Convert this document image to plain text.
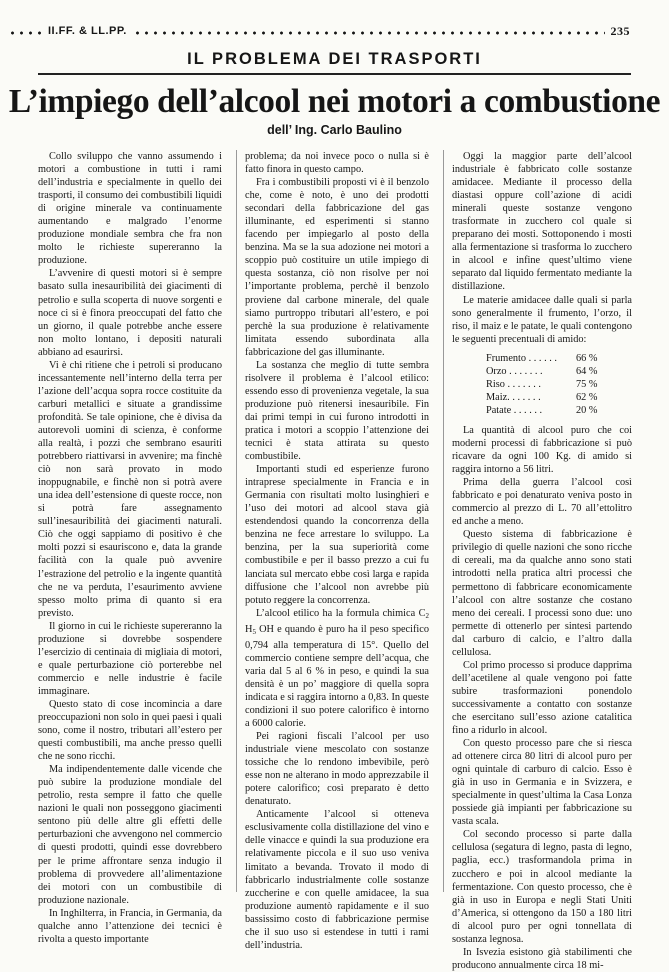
II.FF. & LL.PP.	235
IL PROBLEMA DEI TRASPORTI
L’impiego dell’alcool nei motori a combustione
dell’ Ing. Carlo Baulino

Collo sviluppo che vanno assumendo i motori a combustione in tutti i rami dell’industria e specialmente in quello dei trasporti, il consumo dei combustibili liquidi di origine minerale va continuamente aumentando e malgrado l’enorme produzione mondiale sembra che fra non molto le richieste supereranno la produzione.

L’avvenire di questi motori si è sempre basato sulla inesauribilità dei giacimenti di petrolio e sulla scoperta di nuove sorgenti e noce ci si è finora preoccupati del fatto che un giorno, il quale potrebbe anche essere non molto lontano, i depositi naturali abbiano ad esaurirsi.

Vi è chi ritiene che i petroli si producano incessantemente nell’interno della terra per l’azione dell’acqua sopra rocce costituite da carburi metallici e situate a grandissime profondità. Se tale opinione, che è divisa da autorevoli uomini di scienza, è conforme alla realtà, i pozzi che sembrano esauriti potrebbero riattivarsi in avvenire; ma finchè ciò non sarà provato in modo inoppugnabile, e finchè non si potrà avere una idea dell’estensione di queste rocce, non si potrà fare assegnamento sull’inesauribilità dei giacimenti naturali. Ciò che oggi sappiamo di positivo è che molti pozzi si esauriscono e, data la grande facilità con la quale può avvenire l’estrazione del petrolio e la ingente quantità che ne va perduta, l’esaurimento avviene spesso molto prima di quanto si era previsto.

Il giorno in cui le richieste supereranno la produzione si dovrebbe sospendere l’esercizio di centinaia di migliaia di motori, e quale perturbazione ciò porterebbe nel commercio e nelle industrie è facile immaginare.

Questo stato di cose incomincia a dare preoccupazioni non solo in quei paesi i quali sono, come il nostro, tributari all’estero per questi combustibili, ma anche presso quelli che ne sono ricchi.

Ma indipendentemente dalle vicende che può subire la produzione mondiale del petrolio, resta sempre il fatto che quelle nazioni le quali non posseggono giacimenti sentono più delle altre gli effetti delle perturbazioni che avvengono nel commercio di questi prodotti, quindi esse dovrebbero per le prime affrontare senza indugio il problema di provvedere all’alimentazione dei motori con un combustibile di produzione nazionale.

In Inghilterra, in Francia, in Germania, da qualche anno l’attenzione dei tecnici è rivolta a questo importante

problema; da noi invece poco o nulla si è fatto finora in questo campo.

Fra i combustibili proposti vi è il benzolo che, come è noto, è uno dei prodotti secondari della fabbricazione del gas illuminante, ed esperimenti si stanno facendo per impiegarlo al posto della benzina. Ma se la sua adozione nei motori a scoppio può costituire un utile impiego di questa sostanza, ciò non risolve per noi l’importante problema, perchè il benzolo proviene dal carbone minerale, del quale siamo purtroppo tributari all’estero, e poi perchè la sua produzione è relativamente limitata essendo subordinata alla fabbricazione del gas illuminante.

La sostanza che meglio di tutte sembra risolvere il problema è l’alcool etilico: essendo esso di provenienza vegetale, la sua produzione può ritenersi inesauribile. Fin dai primi tempi in cui furono introdotti in pratica i motori a scoppio l’attenzione dei tecnici è stata attirata su questo combustibile.

Importanti studi ed esperienze furono intraprese specialmente in Francia e in Germania con risultati molto lusinghieri e l’uso dei motori ad alcool stava già estendendosi quando la concorrenza della benzina ne fece arrestare lo sviluppo. La benzina, per la sua superiorità come combustibile e per il basso prezzo a cui fu lanciata sul mercato ebbe così larga e rapida diffusione che l’alcool non avrebbe più potuto reggere la concorrenza.

L’alcool etilico ha la formula chimica $C_2$ $H_5$ OH e quando è puro ha il peso specifico 0,794 alla temperatura di 15°. Quello del commercio contiene sempre dell’acqua, che varia dal 5 al 6 % in peso, e quindi la sua densità è un po’ maggiore di quella sopra indicata e si raggira intorno a 0,83. In queste condizioni il suo potere calorifico è intorno a 6000 calorie.

Pei ragioni fiscali l’alcool per uso industriale viene mescolato con sostanze tossiche che lo rendono imbevibile, però esse non ne alterano in modo apprezzabile il potere calorifico; così preparato è detto denaturato.

Anticamente l’alcool si otteneva esclusivamente colla distillazione del vino e delle vinacce e quindi la sua produzione era relativamente piccola e il suo uso veniva limitato a bevanda. Trovato il modo di fabbricarlo industrialmente colle sostanze zuccherine e con quelle amidacee, la sua produzione aumentò rapidamente e il suo bassissimo costo di fabbricazione permise che il suo uso si estendese in tutti i rami dell’industria.

Oggi la maggior parte dell’alcool industriale è fabbricato colle sostanze amidacee. Mediante il processo della diastasi oppure coll’azione di acidi minerali queste sostanze vengono trasformate in zucchero col quale si preparano dei mosti. Sottoponendo i mosti alla fermentazione si trasforma lo zucchero in alcool e infine quest’ultimo viene separato dal liquido fermentato mediante la distillazione.

Le materie amidacee dalle quali si parla sono generalmente il frumento, l’orzo, il riso, il maiz e le patate, le quali contengono le seguenti precentuali di amido:

Frumento . . . . . .	66 %
Orzo . . . . . . .	64 %
Riso . . . . . . .	75 %
Maiz. . . . . . .	62 %
Patate . . . . . .	20 %

La quantità di alcool puro che coi moderni processi di fabbricazione si può ricavare da ogni 100 Kg. di amido si raggira intorno a 56 litri.

Prima della guerra l’alcool così fabbricato e poi denaturato veniva posto in commercio al prezzo di L. 70 all’ettolitro ed anche a meno.

Questo sistema di fabbricazione è privilegio di quelle nazioni che sono ricche di cereali, ma da qualche anno sono stati introdotti nella pratica altri processi che permettono di fabbricare economicamente l’alcool con altre sostanze che costano meno dei cereali. I processi sono due: uno permette di ottenerlo per sintesi partendo dal carburo di calcio, e l’altro dalla cellulosa.

Col primo processo si produce dapprima dell’acetilene al quale vengono poi fatte subire trasformazioni ponendolo successivamente a contatto con sostanze che esercitano sull’esso azione catalitica fino a ridurlo in alcool.

Con questo processo pare che si riesca ad ottenere circa 80 litri di alcool puro per ogni quintale di carburo di calcio. Esso è già in uso in Germania e in Svizzera, e specialmente in quest’ultima la Casa Lonza possiede già impianti per fabbricazione su vasta scala.

Col secondo processo si parte dalla cellulosa (segatura di legno, pasta di legno, paglia, ecc.) trasformandola prima in zucchero e poi in alcool mediante la fermentazione. Con questo processo, che è già in uso in Europa e negli Stati Uniti d’America, si ottengono da 150 a 180 litri di alcool puro per ogni tonnellata di sostanza legnosa.

In Isvezia esistono già stabilimenti che producono annualmente circa 18 mi-
